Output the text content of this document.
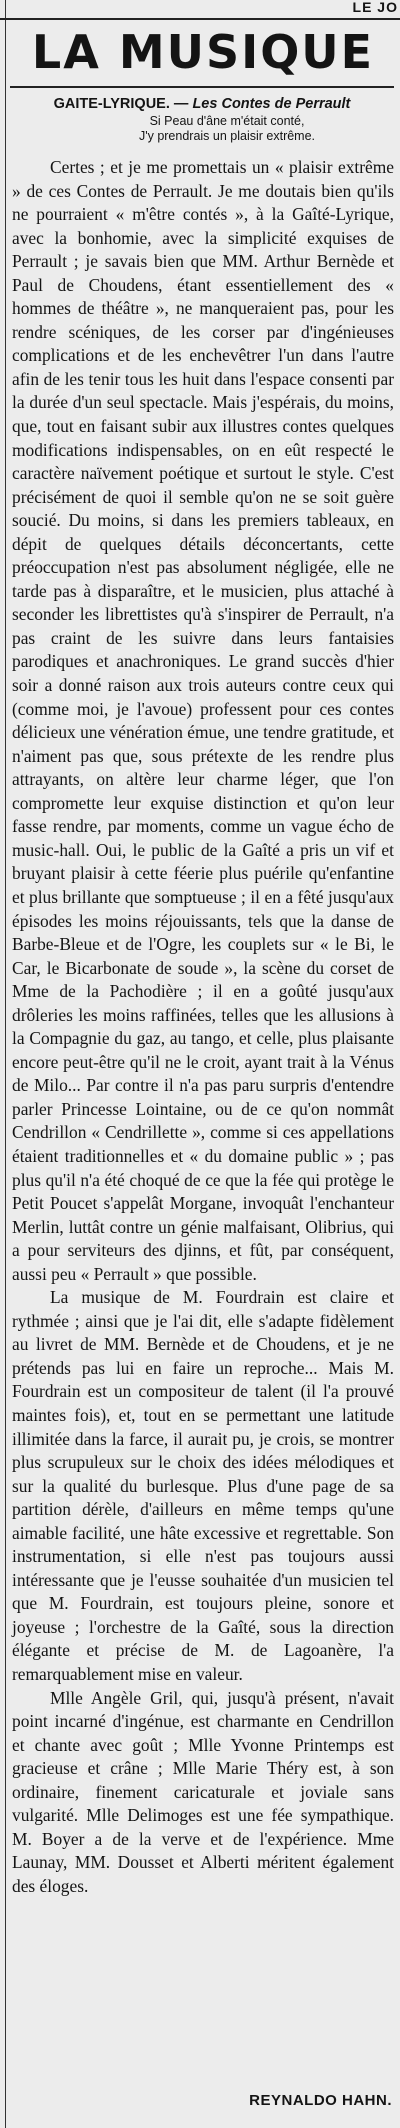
LE JO
LA MUSIQUE
GAITE-LYRIQUE. — Les Contes de Perrault
Si Peau d'âne m'était conté,
J'y prendrais un plaisir extrême.

Certes ; et je me promettais un « plaisir extrême » de ces Contes de Perrault. Je me doutais bien qu'ils ne pourraient « m'être contés », à la Gaîté-Lyrique, avec la bonhomie, avec la simplicité exquises de Perrault ; je savais bien que MM. Arthur Bernède et Paul de Choudens, étant essentiellement des « hommes de théâtre », ne manqueraient pas, pour les rendre scéniques, de les corser par d'ingénieuses complications et de les enchevêtrer l'un dans l'autre afin de les tenir tous les huit dans l'espace consenti par la durée d'un seul spectacle. Mais j'espérais, du moins, que, tout en faisant subir aux illustres contes quelques modifications indispensables, on en eût respecté le caractère naïvement poétique et surtout le style. C'est précisément de quoi il semble qu'on ne se soit guère soucié. Du moins, si dans les premiers tableaux, en dépit de quelques détails déconcertants, cette préoccupation n'est pas absolument négligée, elle ne tarde pas à disparaître, et le musicien, plus attaché à seconder les librettistes qu'à s'inspirer de Perrault, n'a pas craint de les suivre dans leurs fantaisies parodiques et anachroniques. Le grand succès d'hier soir a donné raison aux trois auteurs contre ceux qui (comme moi, je l'avoue) professent pour ces contes délicieux une vénération émue, une tendre gratitude, et n'aiment pas que, sous prétexte de les rendre plus attrayants, on altère leur charme léger, que l'on compromette leur exquise distinction et qu'on leur fasse rendre, par moments, comme un vague écho de music-hall. Oui, le public de la Gaîté a pris un vif et bruyant plaisir à cette féerie plus puérile qu'enfantine et plus brillante que somptueuse ; il en a fêté jusqu'aux épisodes les moins réjouissants, tels que la danse de Barbe-Bleue et de l'Ogre, les couplets sur « le Bi, le Car, le Bicarbonate de soude », la scène du corset de Mme de la Pachodière ; il en a goûté jusqu'aux drôleries les moins raffinées, telles que les allusions à la Compagnie du gaz, au tango, et celle, plus plaisante encore peut-être qu'il ne le croit, ayant trait à la Vénus de Milo... Par contre il n'a pas paru surpris d'entendre parler Princesse Lointaine, ou de ce qu'on nommât Cendrillon « Cendrillette », comme si ces appellations étaient traditionnelles et « du domaine public » ; pas plus qu'il n'a été choqué de ce que la fée qui protège le Petit Poucet s'appelât Morgane, invoquât l'enchanteur Merlin, luttât contre un génie malfaisant, Olibrius, qui a pour serviteurs des djinns, et fût, par conséquent, aussi peu « Perrault » que possible.

La musique de M. Fourdrain est claire et rythmée ; ainsi que je l'ai dit, elle s'adapte fidèlement au livret de MM. Bernède et de Choudens, et je ne prétends pas lui en faire un reproche... Mais M. Fourdrain est un compositeur de talent (il l'a prouvé maintes fois), et, tout en se permettant une latitude illimitée dans la farce, il aurait pu, je crois, se montrer plus scrupuleux sur le choix des idées mélodiques et sur la qualité du burlesque. Plus d'une page de sa partition dérèle, d'ailleurs en même temps qu'une aimable facilité, une hâte excessive et regrettable. Son instrumentation, si elle n'est pas toujours aussi intéressante que je l'eusse souhaitée d'un musicien tel que M. Fourdrain, est toujours pleine, sonore et joyeuse ; l'orchestre de la Gaîté, sous la direction élégante et précise de M. de Lagoanère, l'a remarquablement mise en valeur.

Mlle Angèle Gril, qui, jusqu'à présent, n'avait point incarné d'ingénue, est charmante en Cendrillon et chante avec goût ; Mlle Yvonne Printemps est gracieuse et crâne ; Mlle Marie Théry est, à son ordinaire, finement caricaturale et joviale sans vulgarité. Mlle Delimoges est une fée sympathique. M. Boyer a de la verve et de l'expérience. Mme Launay, MM. Dousset et Alberti méritent également des éloges.

REYNALDO HAHN.
